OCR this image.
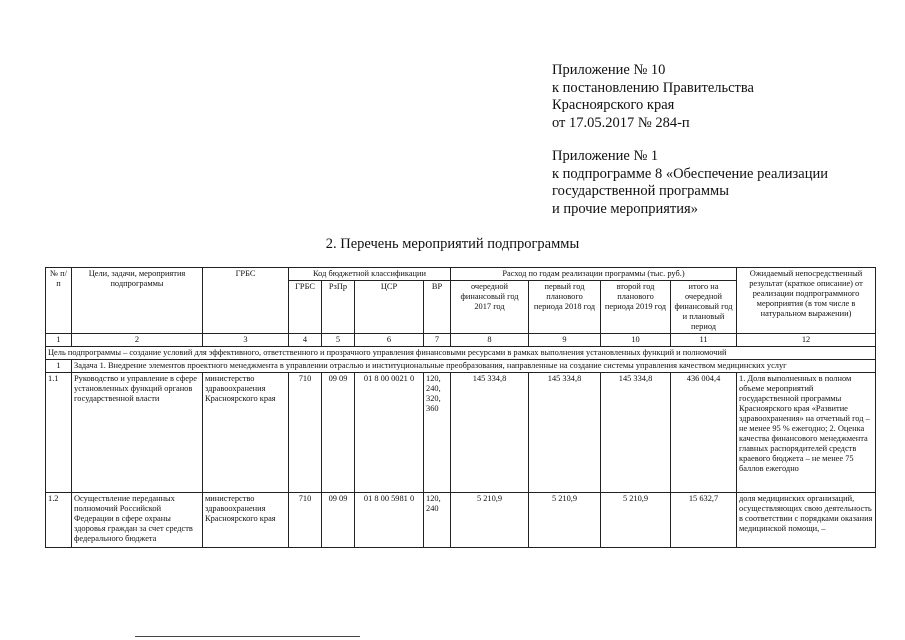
Приложение № 10
к постановлению Правительства
Красноярского края
от 17.05.2017 № 284-п
Приложение № 1
к подпрограмме 8 «Обеспечение реализации
государственной программы
и прочие мероприятия»
2. Перечень мероприятий подпрограммы
№ п/п	Цели, задачи, мероприятия подпрограммы	ГРБС	Код бюджетной классификации				Расход по годам реализации программы (тыс. руб.)				Ожидаемый непосредственный результат (краткое описание) от реализации подпрограммного мероприятия (в том числе в натуральном выражении)
			ГРБС	РзПр	ЦСР	ВР	очередной финансовый год 2017 год	первый год планового периода 2018 год	второй год планового периода 2019 год	итого на очередной финансовый год и плановый период	
1	2	3	4	5	6	7	8	9	10	11	12
Цель подпрограммы – создание условий для эффективного, ответственного и прозрачного управления финансовыми ресурсами в рамках выполнения установленных функций и полномочий											
1	Задача 1. Внедрение элементов проектного менеджмента в управлении отраслью и институциональные преобразования, направленные на создание системы управления качеством медицинских услуг										
1.1	Руководство и управление в сфере установленных функций органов государственной власти	министерство здравоохранения Красноярского края	710	09 09	01 8 00 0021 0	120, 240, 320, 360	145 334,8	145 334,8	145 334,8	436 004,4	1. Доля выполненных в полном объеме мероприятий государственной программы Красноярского края «Развитие здравоохранения» на отчетный год – не менее 95 % ежегодно; 2. Оценка качества финансового менеджмента главных распорядителей средств краевого бюджета – не менее 75 баллов ежегодно
1.2	Осуществление переданных полномочий Российской Федерации в сфере охраны здоровья граждан за счет средств федерального бюджета	министерство здравоохранения Красноярского края	710	09 09	01 8 00 5981 0	120, 240	5 210,9	5 210,9	5 210,9	15 632,7	доля медицинских организаций, осуществляющих свою деятельность в соответствии с порядками оказания медицинской помощи, –
